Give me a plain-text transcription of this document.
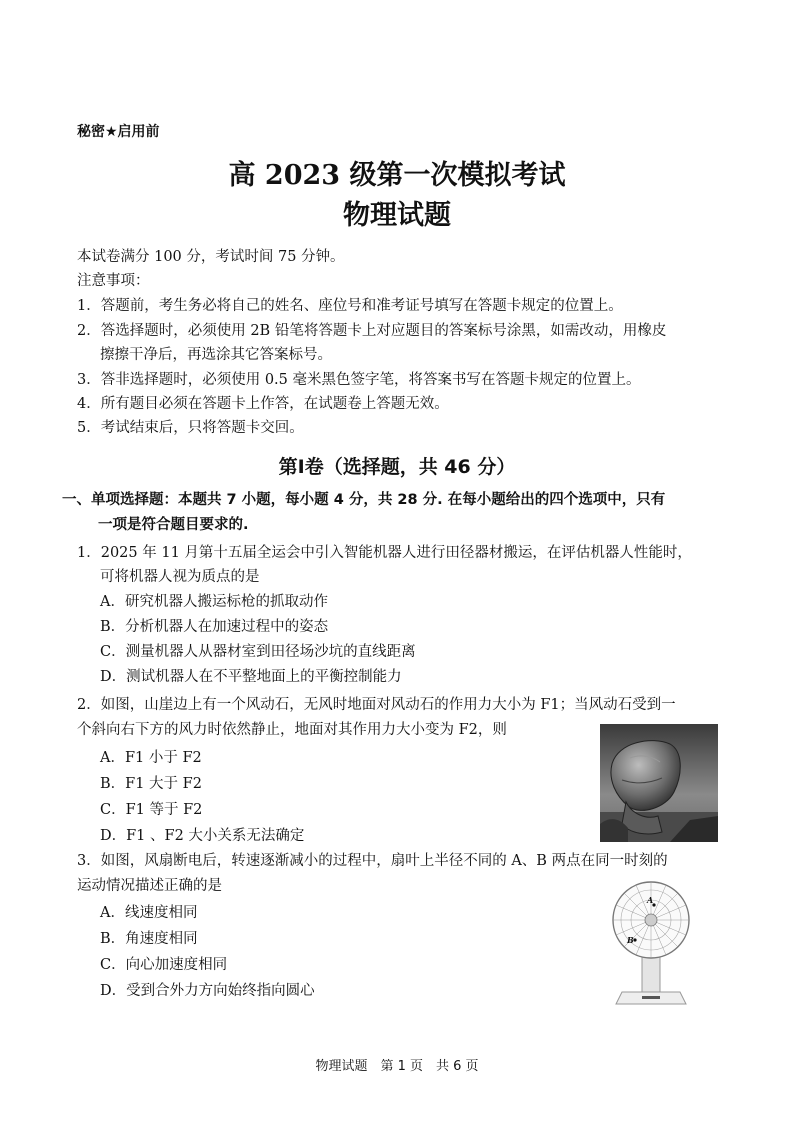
秘密★启用前
高 2023 级第一次模拟考试
物理试题
本试卷满分 100 分，考试时间 75 分钟。
注意事项：
1．答题前，考生务必将自己的姓名、座位号和准考证号填写在答题卡规定的位置上。
2．答选择题时，必须使用 2B 铅笔将答题卡上对应题目的答案标号涂黑，如需改动，用橡皮
擦擦干净后，再选涂其它答案标号。
3．答非选择题时，必须使用 0.5 毫米黑色签字笔，将答案书写在答题卡规定的位置上。
4．所有题目必须在答题卡上作答，在试题卷上答题无效。
5．考试结束后，只将答题卡交回。
第Ⅰ卷（选择题，共 46 分）
一、单项选择题：本题共 7 小题，每小题 4 分，共 28 分. 在每小题给出的四个选项中，只有
一项是符合题目要求的.
1．2025 年 11 月第十五届全运会中引入智能机器人进行田径器材搬运，在评估机器人性能时，
可将机器人视为质点的是
A．研究机器人搬运标枪的抓取动作
B．分析机器人在加速过程中的姿态
C．测量机器人从器材室到田径场沙坑的直线距离
D．测试机器人在不平整地面上的平衡控制能力
2．如图，山崖边上有一个风动石，无风时地面对风动石的作用力大小为 F1；当风动石受到一
个斜向右下方的风力时依然静止，地面对其作用力大小变为 F2，则
A．F1 小于 F2
B．F1 大于 F2
C．F1 等于 F2
D．F1 、F2 大小关系无法确定
3．如图，风扇断电后，转速逐渐减小的过程中，扇叶上半径不同的 A、B 两点在同一时刻的
运动情况描述正确的是
A．线速度相同
B．角速度相同
C．向心加速度相同
D．受到合外力方向始终指向圆心
A
B
物理试题　第 1 页　共 6 页
